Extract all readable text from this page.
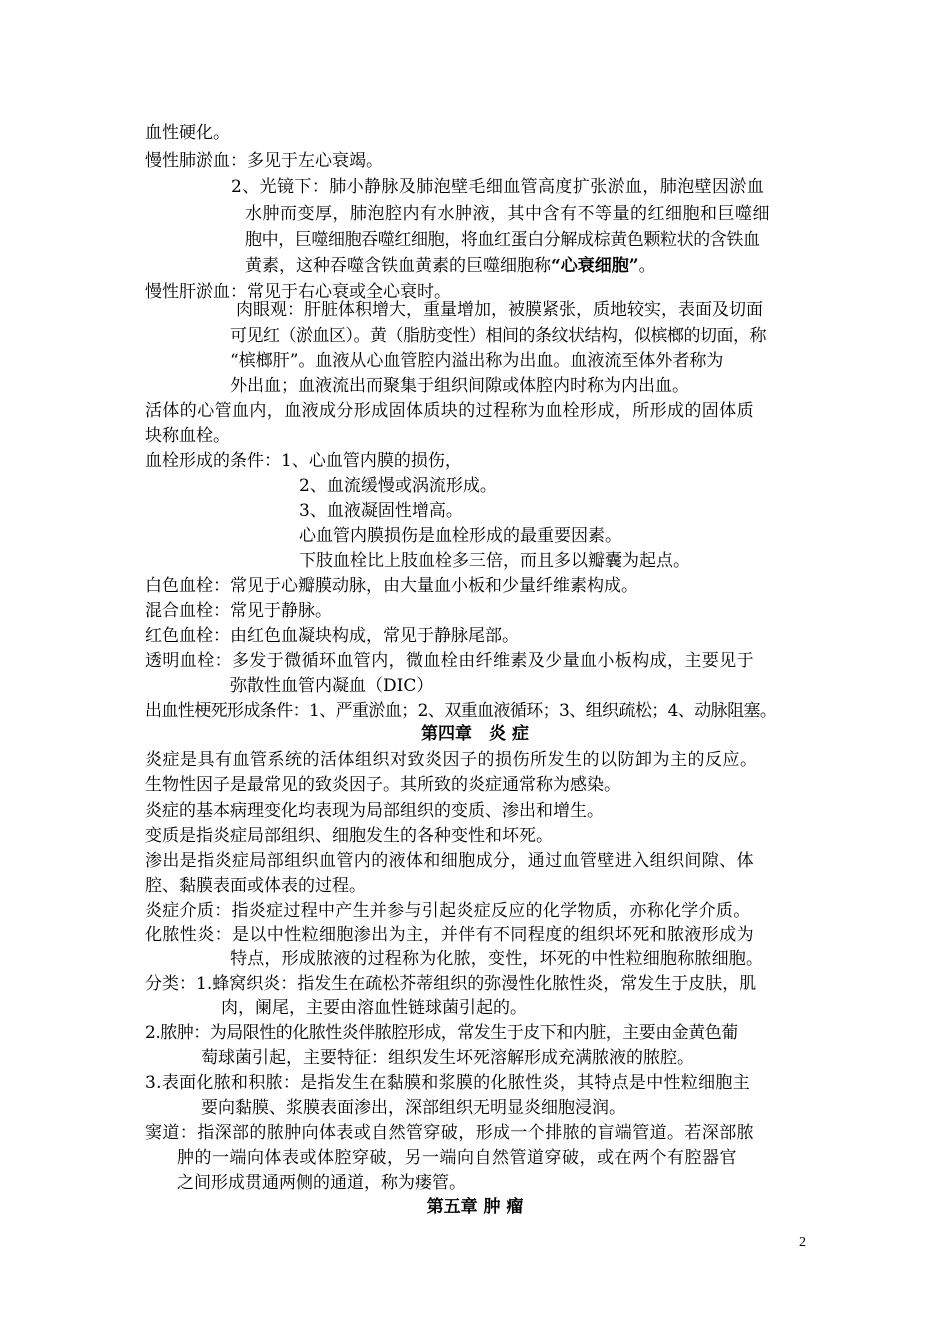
血性硬化。
慢性肺淤血：多见于左心衰竭。
2、光镜下：肺小静脉及肺泡壁毛细血管高度扩张淤血，肺泡壁因淤血
水肿而变厚，肺泡腔内有水肿液，其中含有不等量的红细胞和巨噬细
胞中，巨噬细胞吞噬红细胞，将血红蛋白分解成棕黄色颗粒状的含铁血
黄素，这种吞噬含铁血黄素的巨噬细胞称“心衰细胞”。
慢性肝淤血：常见于右心衰或全心衰时。
肉眼观：肝脏体积增大，重量增加，被膜紧张，质地较实，表面及切面
可见红（淤血区）。黄（脂肪变性）相间的条纹状结构，似槟榔的切面，称
“槟榔肝”。血液从心血管腔内溢出称为出血。血液流至体外者称为
外出血；血液流出而聚集于组织间隙或体腔内时称为内出血。
活体的心管血内，血液成分形成固体质块的过程称为血栓形成，所形成的固体质
块称血栓。
血栓形成的条件：1、心血管内膜的损伤，
2、血流缓慢或涡流形成。
3、血液凝固性增高。
心血管内膜损伤是血栓形成的最重要因素。
下肢血栓比上肢血栓多三倍，而且多以瓣囊为起点。
白色血栓：常见于心瓣膜动脉，由大量血小板和少量纤维素构成。
混合血栓：常见于静脉。
红色血栓：由红色血凝块构成，常见于静脉尾部。
透明血栓：多发于微循环血管内，微血栓由纤维素及少量血小板构成，主要见于
弥散性血管内凝血（DIC）
出血性梗死形成条件：1、严重淤血；2、双重血液循环；3、组织疏松；4、动脉阻塞。
第四章　炎 症
炎症是具有血管系统的活体组织对致炎因子的损伤所发生的以防卸为主的反应。
生物性因子是最常见的致炎因子。其所致的炎症通常称为感染。
炎症的基本病理变化均表现为局部组织的变质、渗出和增生。
变质是指炎症局部组织、细胞发生的各种变性和坏死。
渗出是指炎症局部组织血管内的液体和细胞成分，通过血管壁进入组织间隙、体
腔、黏膜表面或体表的过程。
炎症介质：指炎症过程中产生并参与引起炎症反应的化学物质，亦称化学介质。
化脓性炎：是以中性粒细胞渗出为主，并伴有不同程度的组织坏死和脓液形成为
特点，形成脓液的过程称为化脓，变性，坏死的中性粒细胞称脓细胞。
分类：1.蜂窝织炎：指发生在疏松芥蒂组织的弥漫性化脓性炎，常发生于皮肤，肌
肉，阑尾，主要由溶血性链球菌引起的。
2.脓肿：为局限性的化脓性炎伴脓腔形成，常发生于皮下和内脏，主要由金黄色葡
萄球菌引起，主要特征：组织发生坏死溶解形成充满脓液的脓腔。
3.表面化脓和积脓：是指发生在黏膜和浆膜的化脓性炎，其特点是中性粒细胞主
要向黏膜、浆膜表面渗出，深部组织无明显炎细胞浸润。
窦道：指深部的脓肿向体表或自然管穿破，形成一个排脓的盲端管道。若深部脓
肿的一端向体表或体腔穿破，另一端向自然管道穿破，或在两个有腔器官
之间形成贯通两侧的通道，称为瘘管。
第五章 肿 瘤
2
